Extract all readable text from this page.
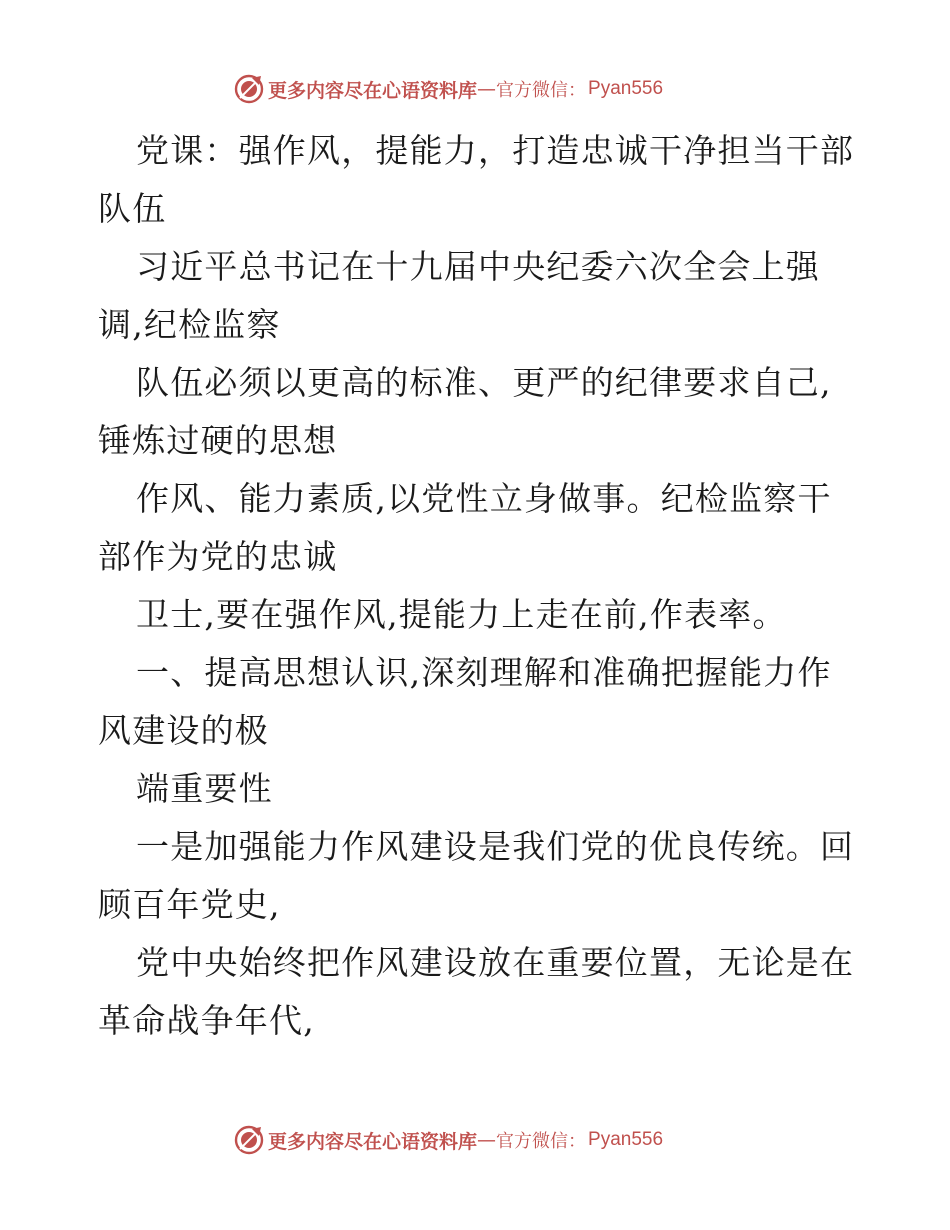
更多内容尽在心语资料库 — 官方微信： Pyan556

党课：强作风，提能力，打造忠诚干净担当干部队伍

习近平总书记在十九届中央纪委六次全会上强调,纪检监察

队伍必须以更高的标准、更严的纪律要求自己,锤炼过硬的思想

作风、能力素质,以党性立身做事。纪检监察干部作为党的忠诚

卫士,要在强作风,提能力上走在前,作表率。

一、提高思想认识,深刻理解和准确把握能力作风建设的极

端重要性

一是加强能力作风建设是我们党的优良传统。回顾百年党史,

党中央始终把作风建设放在重要位置，无论是在革命战争年代,

更多内容尽在心语资料库 — 官方微信： Pyan556
